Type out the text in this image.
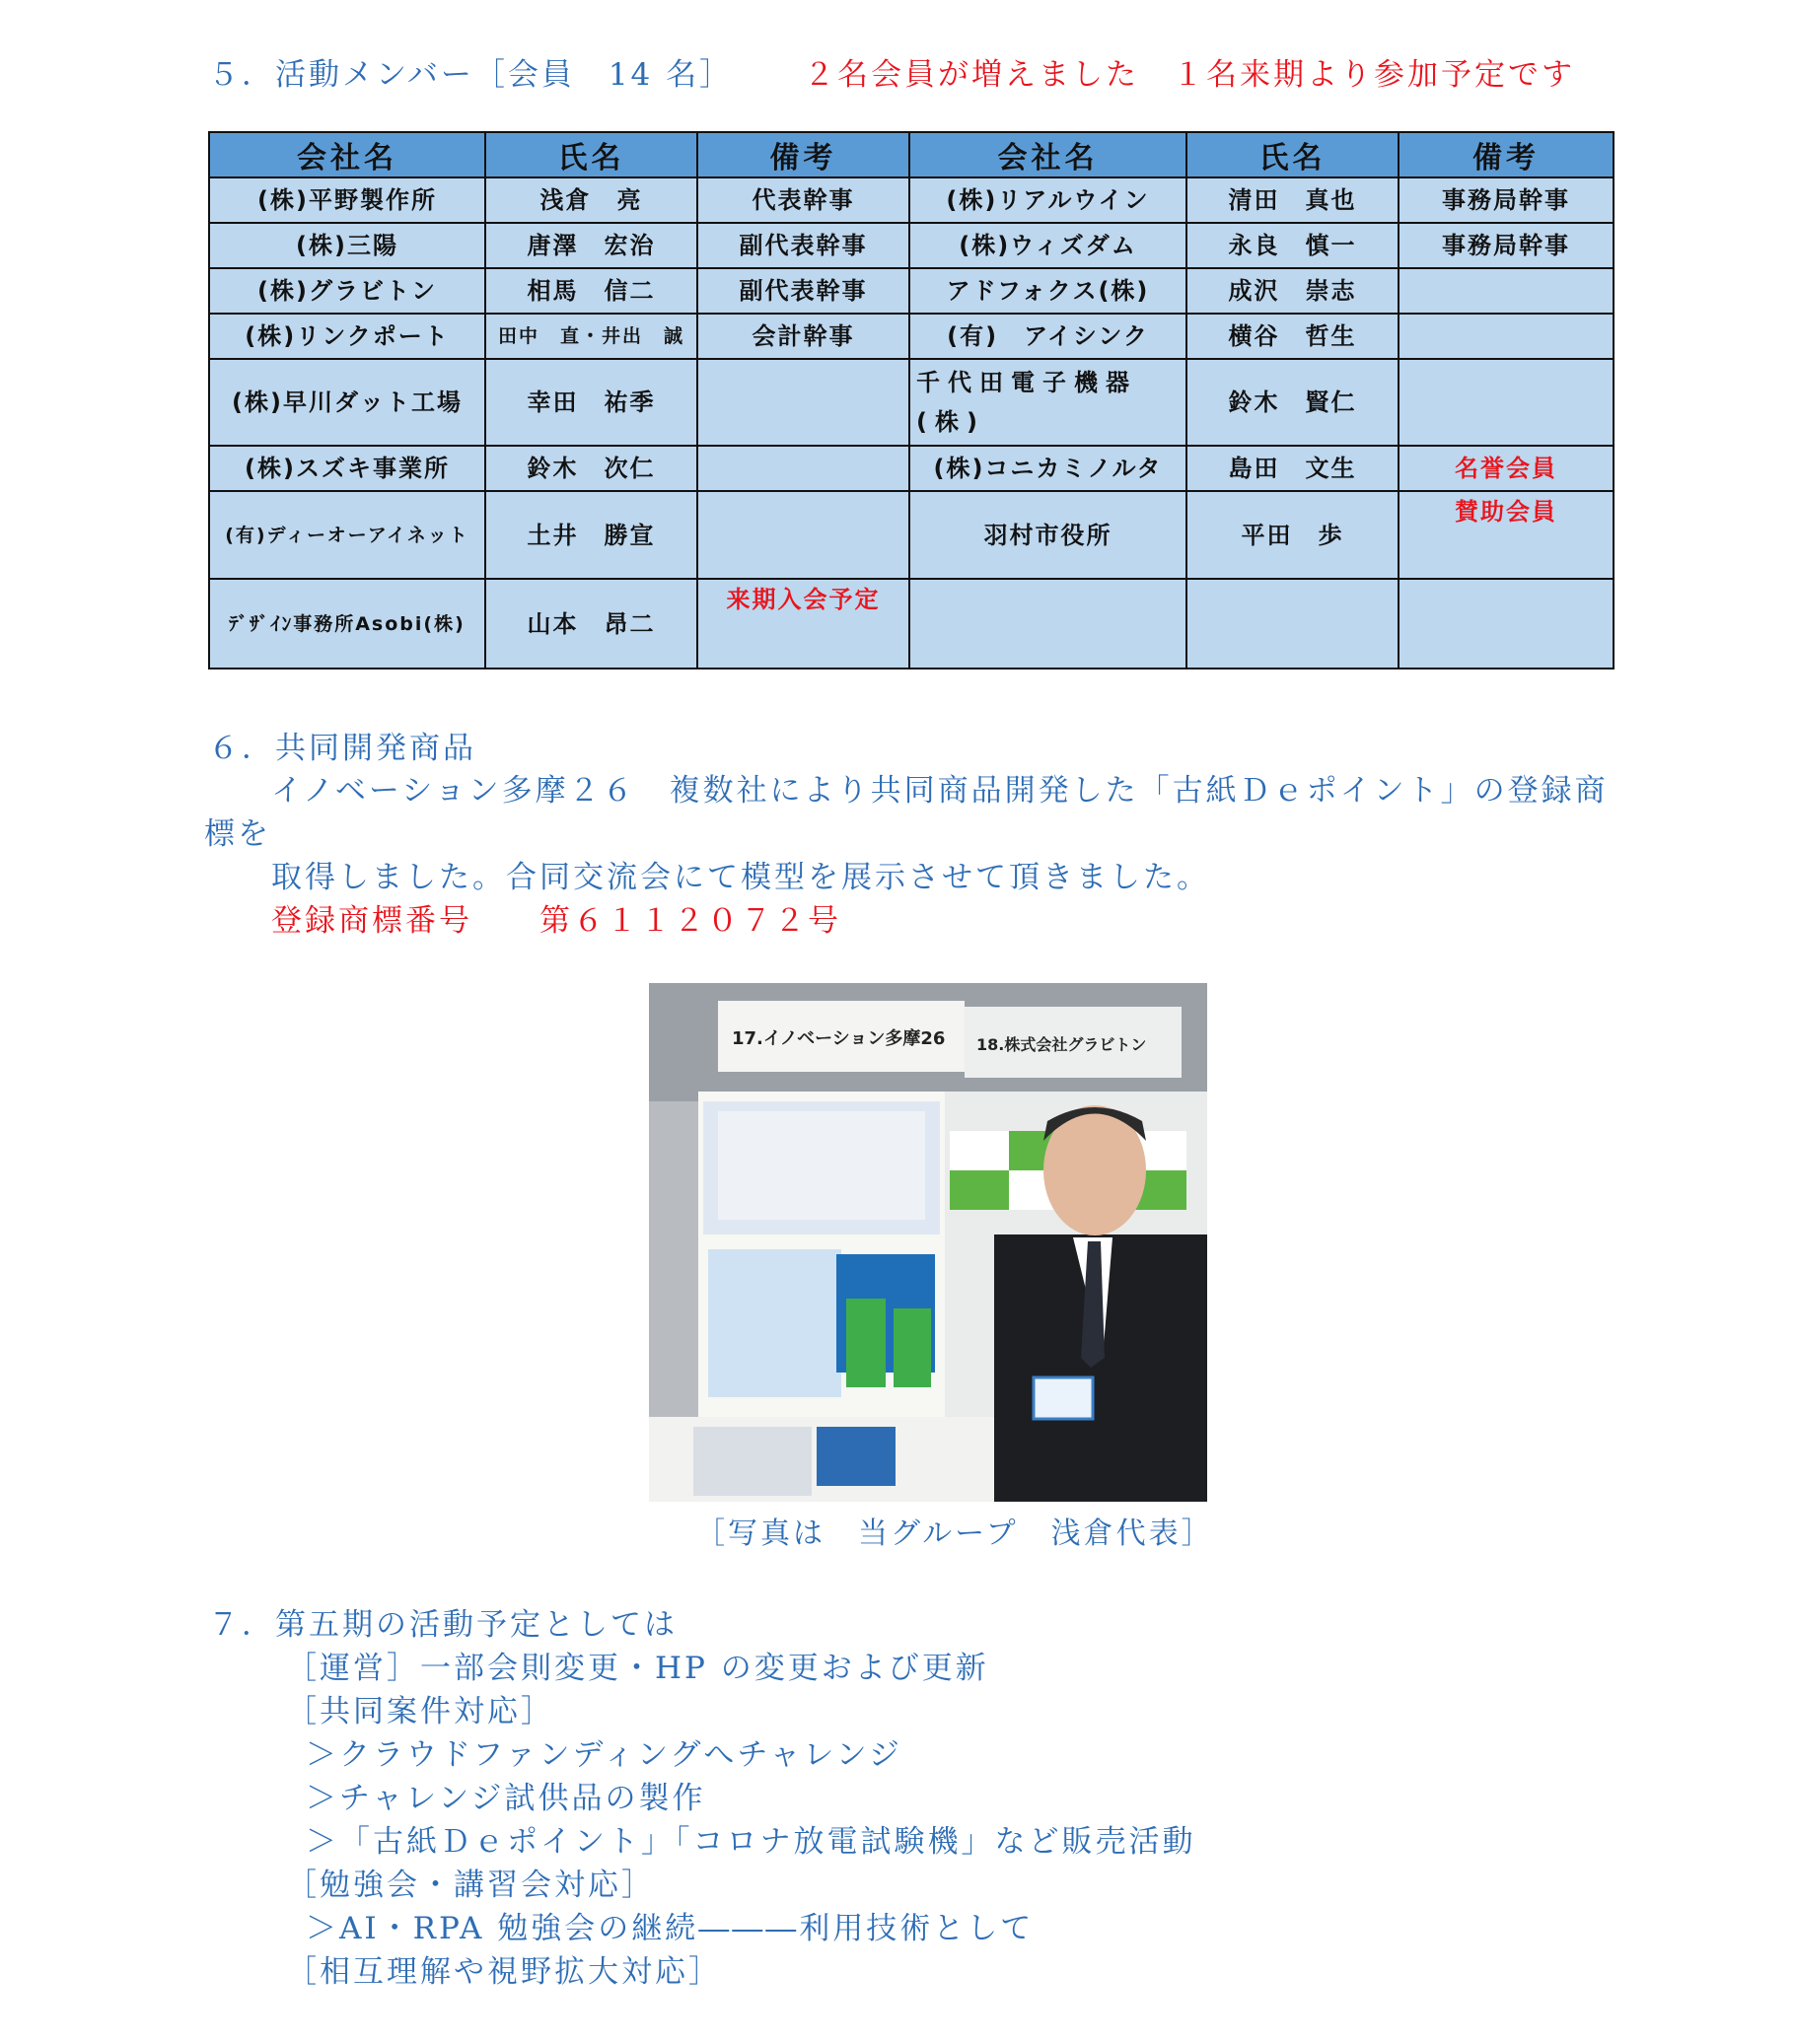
５．活動メンバー［会員　14 名］ ２名会員が増えました　１名来期より参加予定です
会社名	氏名	備考	会社名	氏名	備考
(株)平野製作所	浅倉　亮	代表幹事	(株)リアルウイン	清田　真也	事務局幹事
(株)三陽	唐澤　宏治	副代表幹事	(株)ウィズダム	永良　慎一	事務局幹事
(株)グラビトン	相馬　信二	副代表幹事	アドフォクス(株)	成沢　崇志	
(株)リンクポート	田中　直・井出　誠	会計幹事	(有)　アイシンク	横谷　哲生	
(株)早川ダット工場	幸田　祐季		千代田電子機器(株)	鈴木　賢仁	
(株)スズキ事業所	鈴木　次仁		(株)コニカミノルタ	島田　文生	名誉会員
(有)ディーオーアイネット	土井　勝宣		羽村市役所	平田　歩	賛助会員
ﾃﾞｻﾞｲﾝ事務所Asobi(株)	山本　昂二	来期入会予定			
６．共同開発商品
イノベーション多摩２６　複数社により共同商品開発した「古紙Ｄｅポイント」の登録商
標を
取得しました。合同交流会にて模型を展示させて頂きました。
登録商標番号　　第６１１２０７２号
17.イノベーション多摩26 18.株式会社グラビトン
［写真は　当グループ　浅倉代表］
７．第五期の活動予定としては
［運営］一部会則変更・HP の変更および更新
［共同案件対応］
＞クラウドファンディングへチャレンジ
＞チャレンジ試供品の製作
＞「古紙Ｄｅポイント」「コロナ放電試験機」など販売活動
［勉強会・講習会対応］
＞AI・RPA 勉強会の継続―――利用技術として
［相互理解や視野拡大対応］
